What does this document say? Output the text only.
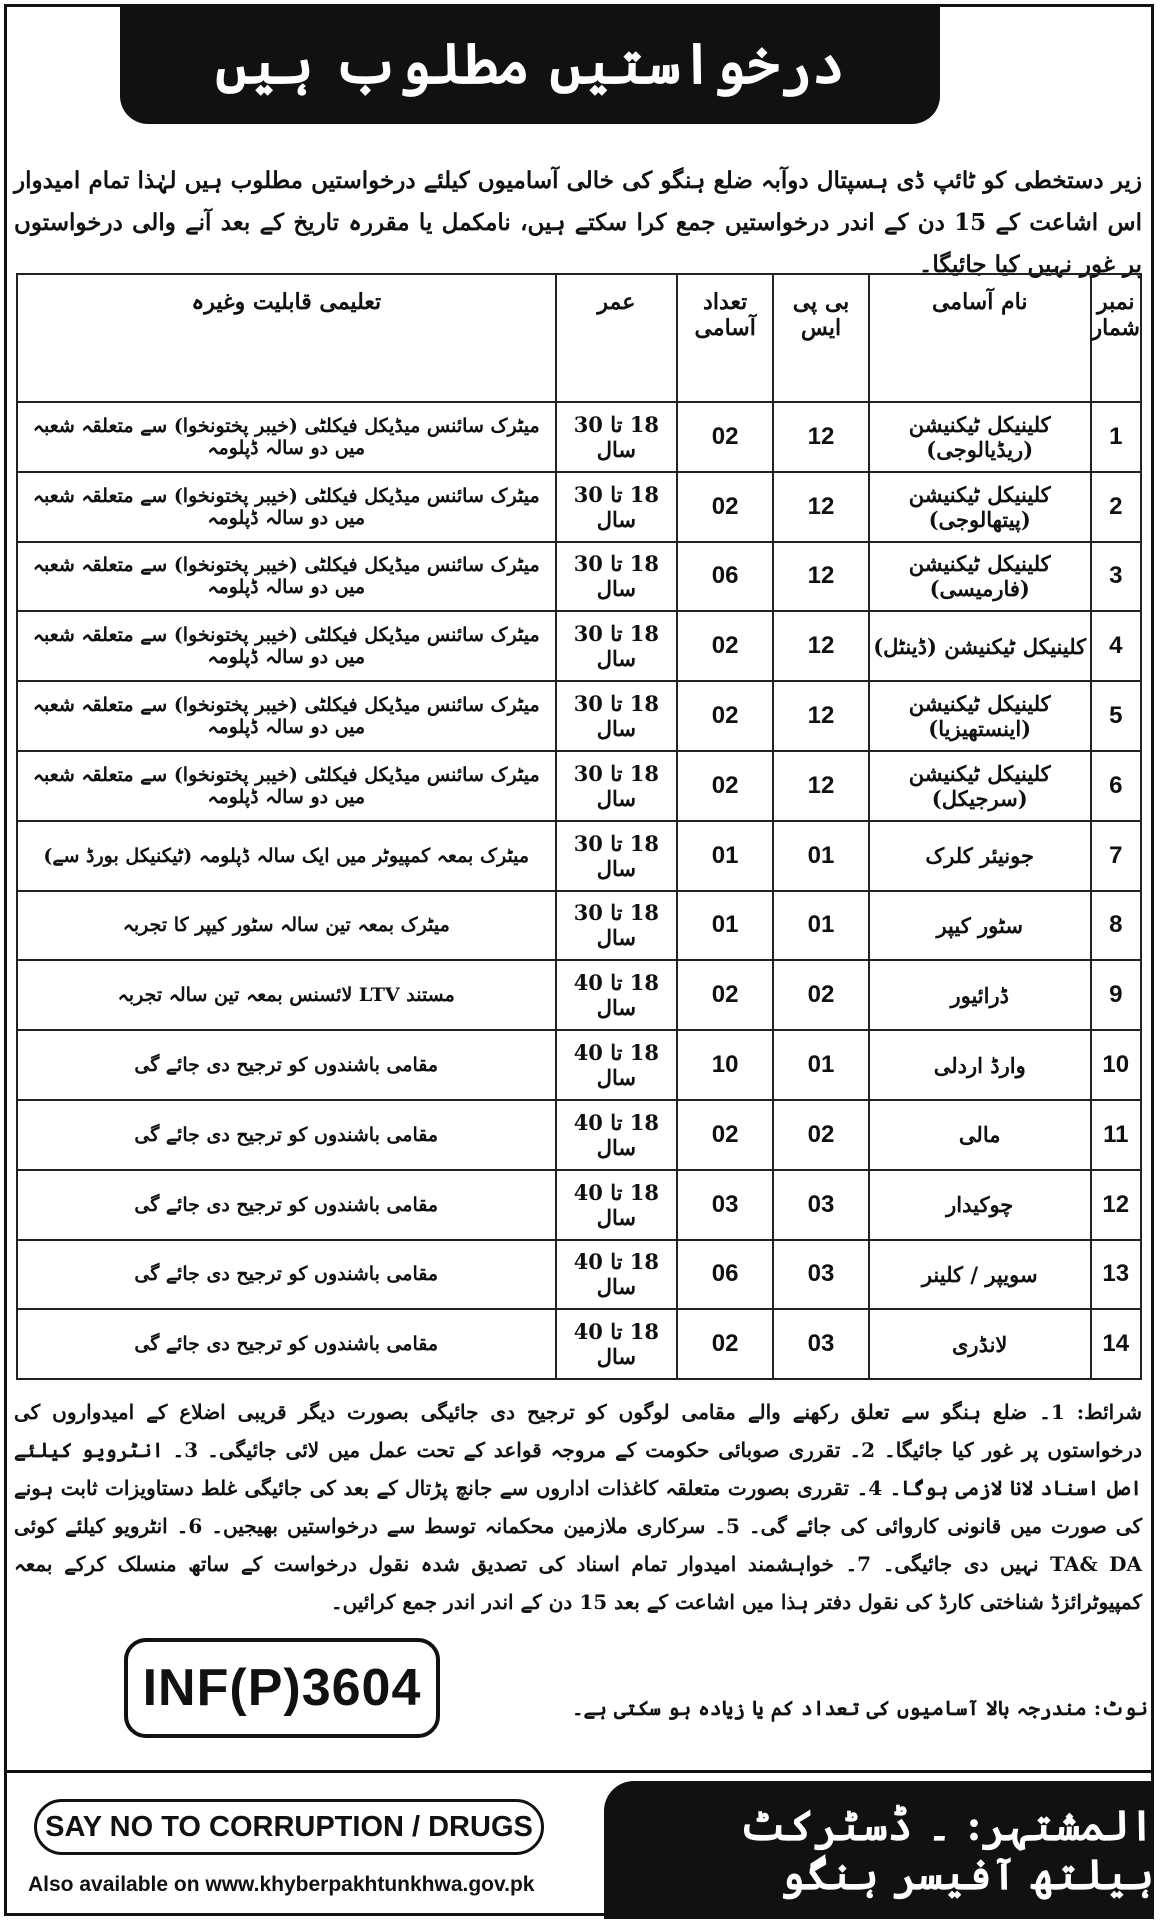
درخواستیں مطلوب ہیں
زیر دستخطی کو ٹائپ ڈی ہسپتال دوآبہ ضلع ہنگو کی خالی آسامیوں کیلئے درخواستیں مطلوب ہیں لہٰذا تمام امیدوار اس اشاعت کے 15 دن کے اندر درخواستیں جمع کرا سکتے ہیں، نامکمل یا مقررہ تاریخ کے بعد آنے والی درخواستوں پر غور نہیں کیا جائیگا۔
نمبر شمار	نام آسامی	بی پی ایس	تعداد آسامی	عمر	تعلیمی قابلیت وغیرہ
1	کلینیکل ٹیکنیشن (ریڈیالوجی)	12	02	18 تا 30 سال	میٹرک سائنس میڈیکل فیکلٹی (خیبر پختونخوا) سے متعلقہ شعبہ میں دو سالہ ڈپلومہ
2	کلینیکل ٹیکنیشن (پیتھالوجی)	12	02	18 تا 30 سال	میٹرک سائنس میڈیکل فیکلٹی (خیبر پختونخوا) سے متعلقہ شعبہ میں دو سالہ ڈپلومہ
3	کلینیکل ٹیکنیشن (فارمیسی)	12	06	18 تا 30 سال	میٹرک سائنس میڈیکل فیکلٹی (خیبر پختونخوا) سے متعلقہ شعبہ میں دو سالہ ڈپلومہ
4	کلینیکل ٹیکنیشن (ڈینٹل)	12	02	18 تا 30 سال	میٹرک سائنس میڈیکل فیکلٹی (خیبر پختونخوا) سے متعلقہ شعبہ میں دو سالہ ڈپلومہ
5	کلینیکل ٹیکنیشن (اینستھیزیا)	12	02	18 تا 30 سال	میٹرک سائنس میڈیکل فیکلٹی (خیبر پختونخوا) سے متعلقہ شعبہ میں دو سالہ ڈپلومہ
6	کلینیکل ٹیکنیشن (سرجیکل)	12	02	18 تا 30 سال	میٹرک سائنس میڈیکل فیکلٹی (خیبر پختونخوا) سے متعلقہ شعبہ میں دو سالہ ڈپلومہ
7	جونیئر کلرک	01	01	18 تا 30 سال	میٹرک بمعہ کمپیوٹر میں ایک سالہ ڈپلومہ (ٹیکنیکل بورڈ سے)
8	سٹور کیپر	01	01	18 تا 30 سال	میٹرک بمعہ تین سالہ سٹور کیپر کا تجربہ
9	ڈرائیور	02	02	18 تا 40 سال	مستند LTV لائسنس بمعہ تین سالہ تجربہ
10	وارڈ اردلی	01	10	18 تا 40 سال	مقامی باشندوں کو ترجیح دی جائے گی
11	مالی	02	02	18 تا 40 سال	مقامی باشندوں کو ترجیح دی جائے گی
12	چوکیدار	03	03	18 تا 40 سال	مقامی باشندوں کو ترجیح دی جائے گی
13	سویپر / کلینر	03	06	18 تا 40 سال	مقامی باشندوں کو ترجیح دی جائے گی
14	لانڈری	03	02	18 تا 40 سال	مقامی باشندوں کو ترجیح دی جائے گی
شرائط: 1۔ ضلع ہنگو سے تعلق رکھنے والے مقامی لوگوں کو ترجیح دی جائیگی بصورت دیگر قریبی اضلاع کے امیدواروں کی درخواستوں پر غور کیا جائیگا۔ 2۔ تقرری صوبائی حکومت کے مروجہ قواعد کے تحت عمل میں لائی جائیگی۔ 3۔ انٹرویو کیلئے اصل اسناد لانا لازمی ہوگا۔ 4۔ تقرری بصورت متعلقہ کاغذات اداروں سے جانچ پڑتال کے بعد کی جائیگی غلط دستاویزات ثابت ہونے کی صورت میں قانونی کاروائی کی جائے گی۔ 5۔ سرکاری ملازمین محکمانہ توسط سے درخواستیں بھیجیں۔ 6۔ انٹرویو کیلئے کوئی TA& DA نہیں دی جائیگی۔ 7۔ خواہشمند امیدوار تمام اسناد کی تصدیق شدہ نقول درخواست کے ساتھ منسلک کرکے بمعہ کمپیوٹرائزڈ شناختی کارڈ کی نقول دفتر ہذا میں اشاعت کے بعد 15 دن کے اندر اندر جمع کرائیں۔
INF(P)3604	نوٹ: مندرجہ بالا آسامیوں کی تعداد کم یا زیادہ ہو سکتی ہے۔
SAY NO TO CORRUPTION / DRUGS
Also available on www.khyberpakhtunkhwa.gov.pk
المشتہر: ۔ ڈسٹرکٹ ہیلتھ آفیسر ہنگو
